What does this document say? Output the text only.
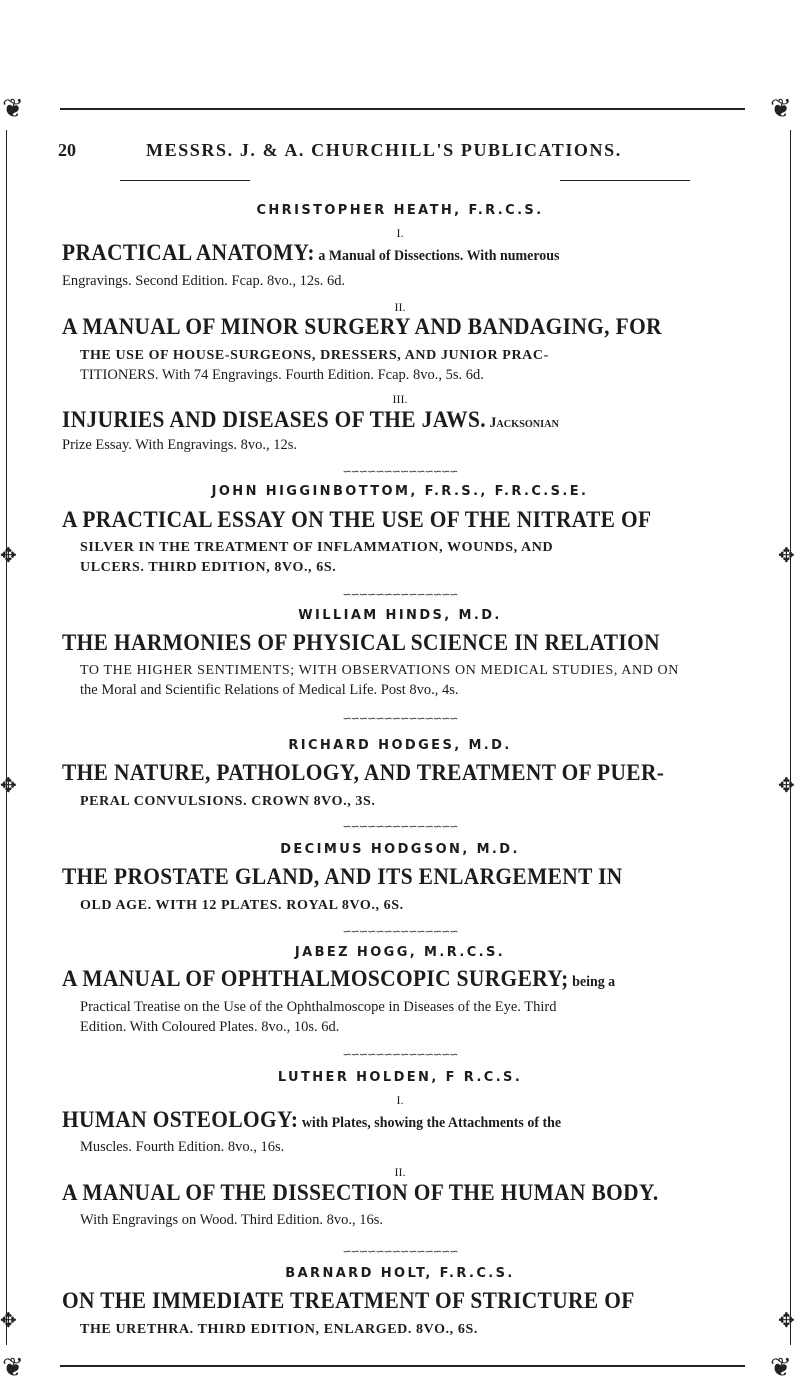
❦	❦
❦	❦
✥	✥
✥	✥
✥	✥
20	MESSRS. J. & A. CHURCHILL'S PUBLICATIONS.
CHRISTOPHER HEATH, F.R.C.S.
I.
PRACTICAL ANATOMY: a Manual of Dissections. With numerous
Engravings. Second Edition. Fcap. 8vo., 12s. 6d.
II.
A MANUAL OF MINOR SURGERY AND BANDAGING, FOR
THE USE OF HOUSE-SURGEONS, DRESSERS, AND JUNIOR PRAC-
TITIONERS. With 74 Engravings. Fourth Edition. Fcap. 8vo., 5s. 6d.
III.
INJURIES AND DISEASES OF THE JAWS. Jacksonian
Prize Essay. With Engravings. 8vo., 12s.
∽∽∽∽∽∽∽∽∽∽∽∽∽∽
JOHN HIGGINBOTTOM, F.R.S., F.R.C.S.E.
A PRACTICAL ESSAY ON THE USE OF THE NITRATE OF
SILVER IN THE TREATMENT OF INFLAMMATION, WOUNDS, AND
ULCERS. THIRD EDITION, 8VO., 6S.
∽∽∽∽∽∽∽∽∽∽∽∽∽∽
WILLIAM HINDS, M.D.
THE HARMONIES OF PHYSICAL SCIENCE IN RELATION
TO THE HIGHER SENTIMENTS; WITH OBSERVATIONS ON MEDICAL STUDIES, AND ON
the Moral and Scientific Relations of Medical Life. Post 8vo., 4s.
∽∽∽∽∽∽∽∽∽∽∽∽∽∽
RICHARD HODGES, M.D.
THE NATURE, PATHOLOGY, AND TREATMENT OF PUER-
PERAL CONVULSIONS. CROWN 8VO., 3S.
∽∽∽∽∽∽∽∽∽∽∽∽∽∽
DECIMUS HODGSON, M.D.
THE PROSTATE GLAND, AND ITS ENLARGEMENT IN
OLD AGE. WITH 12 PLATES. ROYAL 8VO., 6S.
∽∽∽∽∽∽∽∽∽∽∽∽∽∽
JABEZ HOGG, M.R.C.S.
A MANUAL OF OPHTHALMOSCOPIC SURGERY; being a
Practical Treatise on the Use of the Ophthalmoscope in Diseases of the Eye. Third
Edition. With Coloured Plates. 8vo., 10s. 6d.
∽∽∽∽∽∽∽∽∽∽∽∽∽∽
LUTHER HOLDEN, F R.C.S.
I.
HUMAN OSTEOLOGY: with Plates, showing the Attachments of the
Muscles. Fourth Edition. 8vo., 16s.
II.
A MANUAL OF THE DISSECTION OF THE HUMAN BODY.
With Engravings on Wood. Third Edition. 8vo., 16s.
∽∽∽∽∽∽∽∽∽∽∽∽∽∽
BARNARD HOLT, F.R.C.S.
ON THE IMMEDIATE TREATMENT OF STRICTURE OF
THE URETHRA. THIRD EDITION, ENLARGED. 8VO., 6S.
